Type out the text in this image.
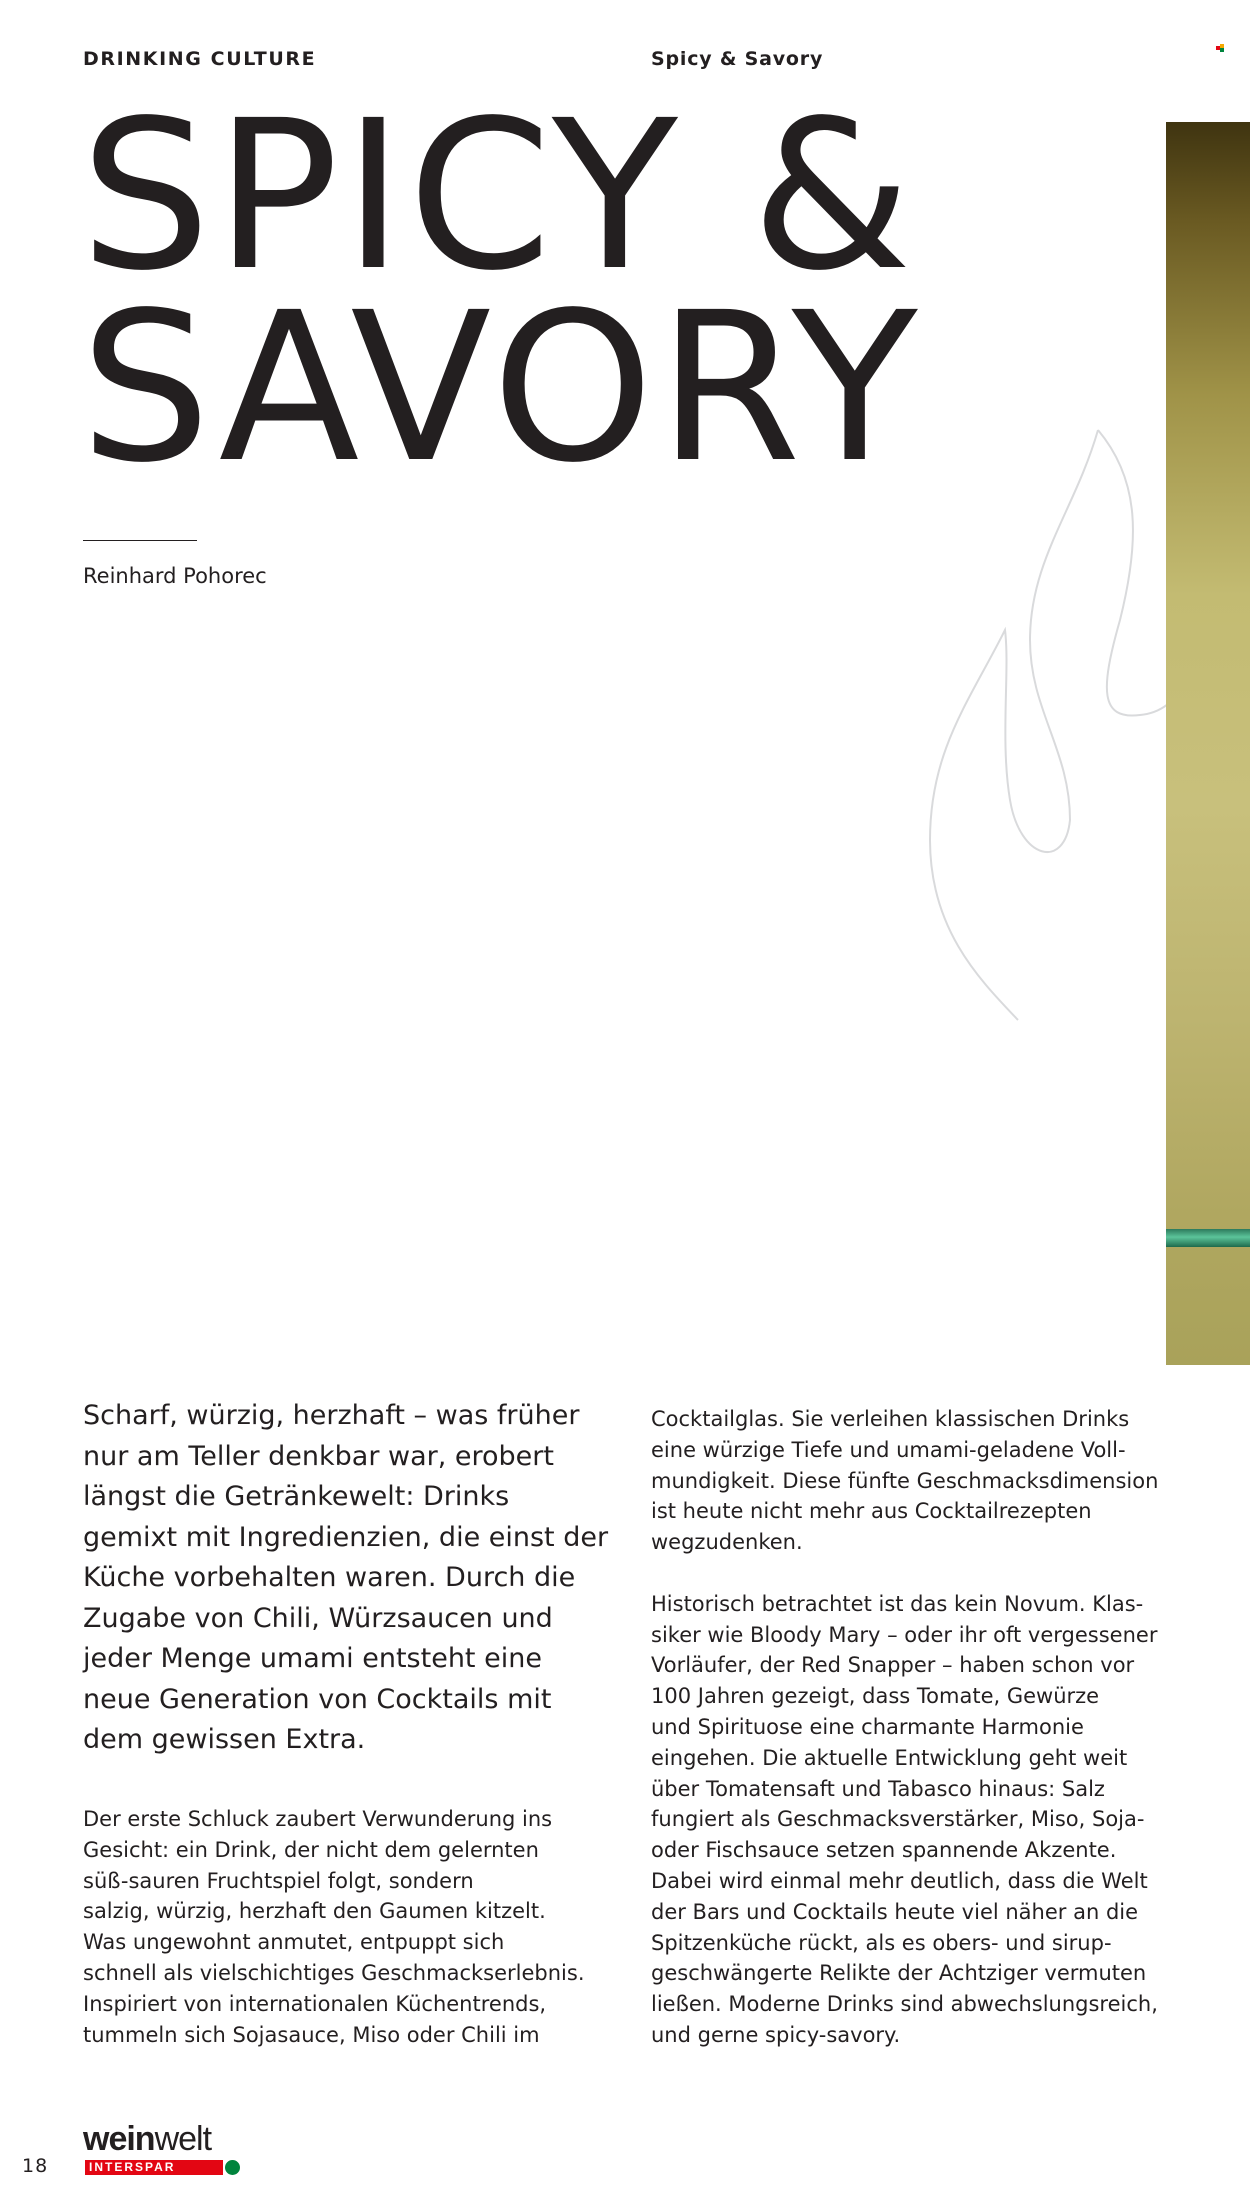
DRINKING CULTURE	Spicy & Savory
SPICY &
SAVORY
Reinhard Pohorec
Scharf, würzig, herzhaft – was früher
nur am Teller denkbar war, erobert
längst die Getränkewelt: Drinks
gemixt mit Ingredienzien, die einst der
Küche vorbehalten waren. Durch die
Zugabe von Chili, Würzsaucen und
jeder Menge umami entsteht eine
neue Generation von Cocktails mit
dem gewissen Extra.
Der erste Schluck zaubert Verwunderung ins
Gesicht: ein Drink, der nicht dem gelernten
süß-sauren Fruchtspiel folgt, sondern
salzig, würzig, herzhaft den Gaumen kitzelt.
Was ungewohnt anmutet, entpuppt sich
schnell als vielschichtiges Geschmackserlebnis.
Inspiriert von internationalen Küchentrends,
tummeln sich Sojasauce, Miso oder Chili im
Cocktailglas. Sie verleihen klassischen Drinks
eine würzige Tiefe und umami-geladene Voll-
mundigkeit. Diese fünfte Geschmacksdimension
ist heute nicht mehr aus Cocktailrezepten
wegzudenken.
Historisch betrachtet ist das kein Novum. Klas-
siker wie Bloody Mary – oder ihr oft vergessener
Vorläufer, der Red Snapper – haben schon vor
100 Jahren gezeigt, dass Tomate, Gewürze
und Spirituose eine charmante Harmonie
eingehen. Die aktuelle Entwicklung geht weit
über Tomatensaft und Tabasco hinaus: Salz
fungiert als Geschmacksverstärker, Miso, Soja-
oder Fischsauce setzen spannende Akzente.
Dabei wird einmal mehr deutlich, dass die Welt
der Bars und Cocktails heute viel näher an die
Spitzenküche rückt, als es obers- und sirup-
geschwängerte Relikte der Achtziger vermuten
ließen. Moderne Drinks sind abwechslungsreich,
und gerne spicy-savory.
18
weinwelt
INTERSPAR
